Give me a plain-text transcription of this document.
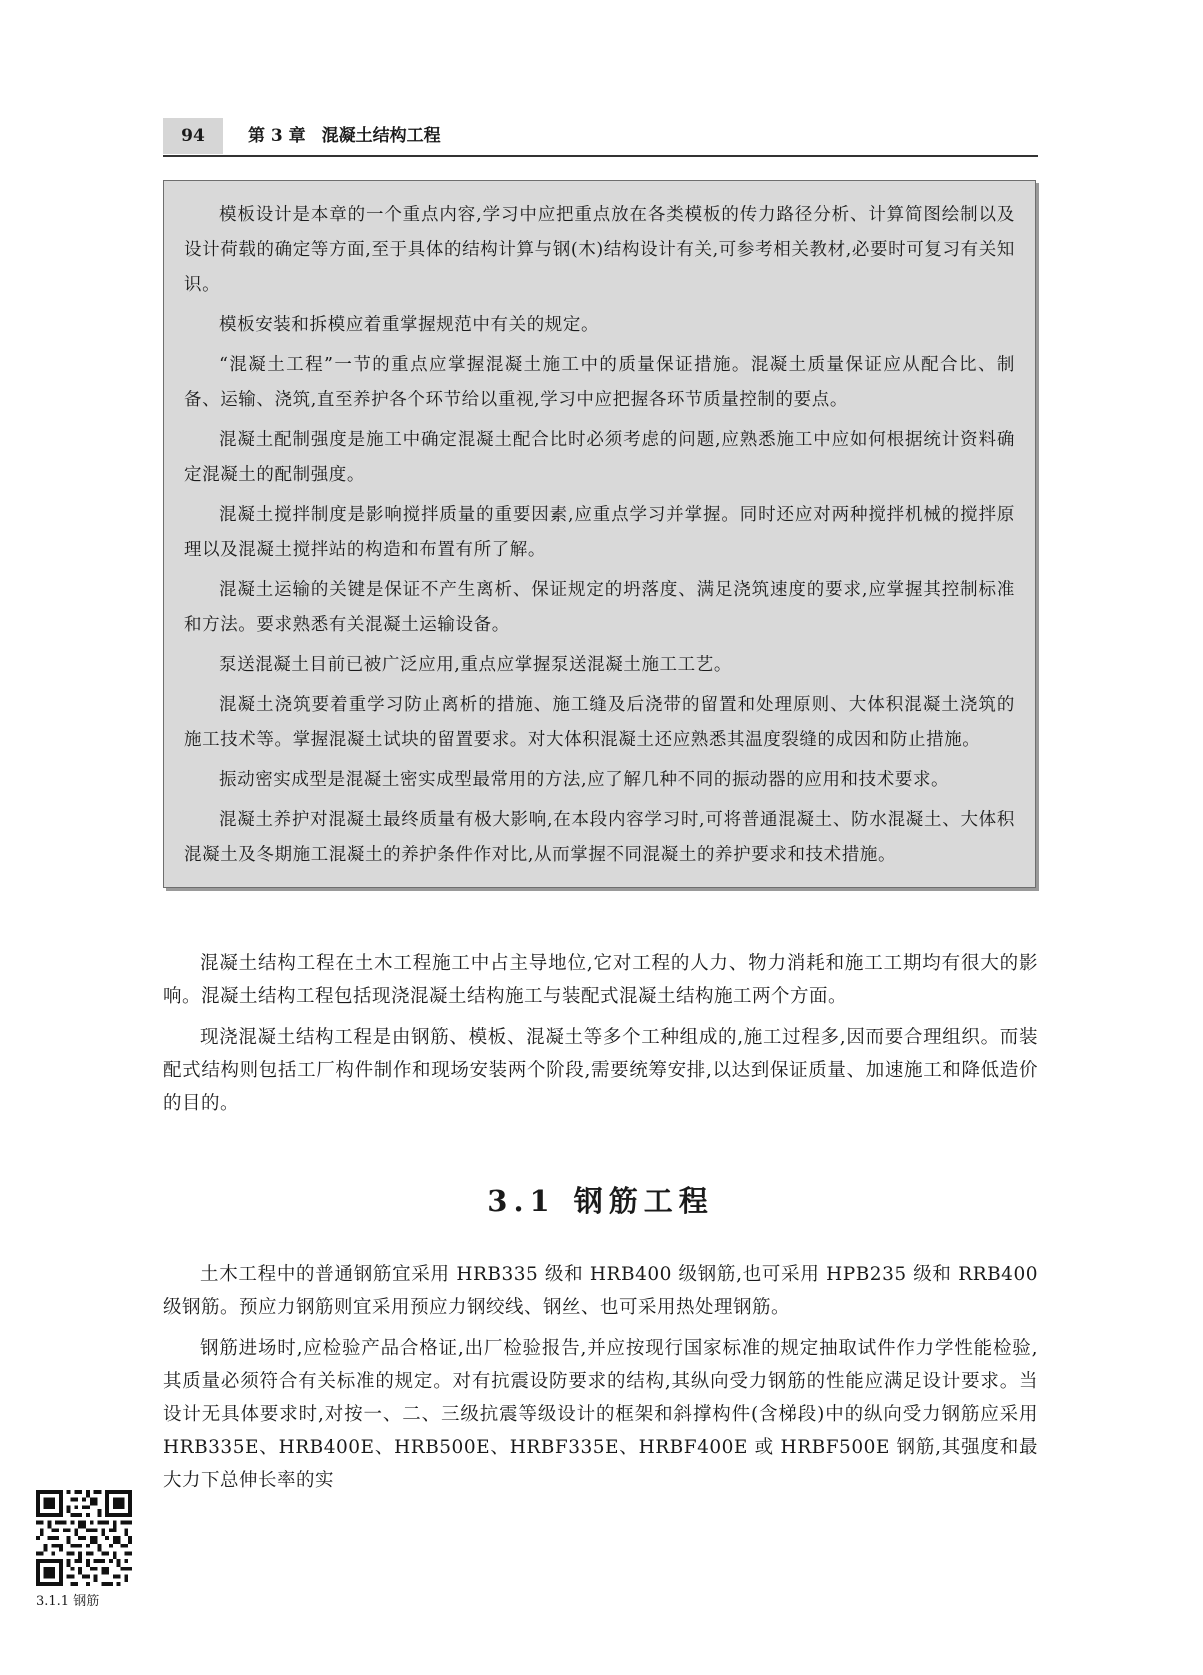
94	第 3 章 混凝土结构工程

模板设计是本章的一个重点内容,学习中应把重点放在各类模板的传力路径分析、计算简图绘制以及设计荷载的确定等方面,至于具体的结构计算与钢(木)结构设计有关,可参考相关教材,必要时可复习有关知识。

模板安装和拆模应着重掌握规范中有关的规定。

“混凝土工程”一节的重点应掌握混凝土施工中的质量保证措施。混凝土质量保证应从配合比、制备、运输、浇筑,直至养护各个环节给以重视,学习中应把握各环节质量控制的要点。

混凝土配制强度是施工中确定混凝土配合比时必须考虑的问题,应熟悉施工中应如何根据统计资料确定混凝土的配制强度。

混凝土搅拌制度是影响搅拌质量的重要因素,应重点学习并掌握。同时还应对两种搅拌机械的搅拌原理以及混凝土搅拌站的构造和布置有所了解。

混凝土运输的关键是保证不产生离析、保证规定的坍落度、满足浇筑速度的要求,应掌握其控制标准和方法。要求熟悉有关混凝土运输设备。

泵送混凝土目前已被广泛应用,重点应掌握泵送混凝土施工工艺。

混凝土浇筑要着重学习防止离析的措施、施工缝及后浇带的留置和处理原则、大体积混凝土浇筑的施工技术等。掌握混凝土试块的留置要求。对大体积混凝土还应熟悉其温度裂缝的成因和防止措施。

振动密实成型是混凝土密实成型最常用的方法,应了解几种不同的振动器的应用和技术要求。

混凝土养护对混凝土最终质量有极大影响,在本段内容学习时,可将普通混凝土、防水混凝土、大体积混凝土及冬期施工混凝土的养护条件作对比,从而掌握不同混凝土的养护要求和技术措施。

混凝土结构工程在土木工程施工中占主导地位,它对工程的人力、物力消耗和施工工期均有很大的影响。混凝土结构工程包括现浇混凝土结构施工与装配式混凝土结构施工两个方面。

现浇混凝土结构工程是由钢筋、模板、混凝土等多个工种组成的,施工过程多,因而要合理组织。而装配式结构则包括工厂构件制作和现场安装两个阶段,需要统筹安排,以达到保证质量、加速施工和降低造价的目的。

3.1 钢筋工程

土木工程中的普通钢筋宜采用 HRB335 级和 HRB400 级钢筋,也可采用 HPB235 级和 RRB400 级钢筋。预应力钢筋则宜采用预应力钢绞线、钢丝、也可采用热处理钢筋。

钢筋进场时,应检验产品合格证,出厂检验报告,并应按现行国家标准的规定抽取试件作力学性能检验,其质量必须符合有关标准的规定。对有抗震设防要求的结构,其纵向受力钢筋的性能应满足设计要求。当设计无具体要求时,对按一、二、三级抗震等级设计的框架和斜撑构件(含梯段)中的纵向受力钢筋应采用 HRB335E、HRB400E、HRB500E、HRBF335E、HRBF400E 或 HRBF500E 钢筋,其强度和最大力下总伸长率的实

3.1.1 钢筋
